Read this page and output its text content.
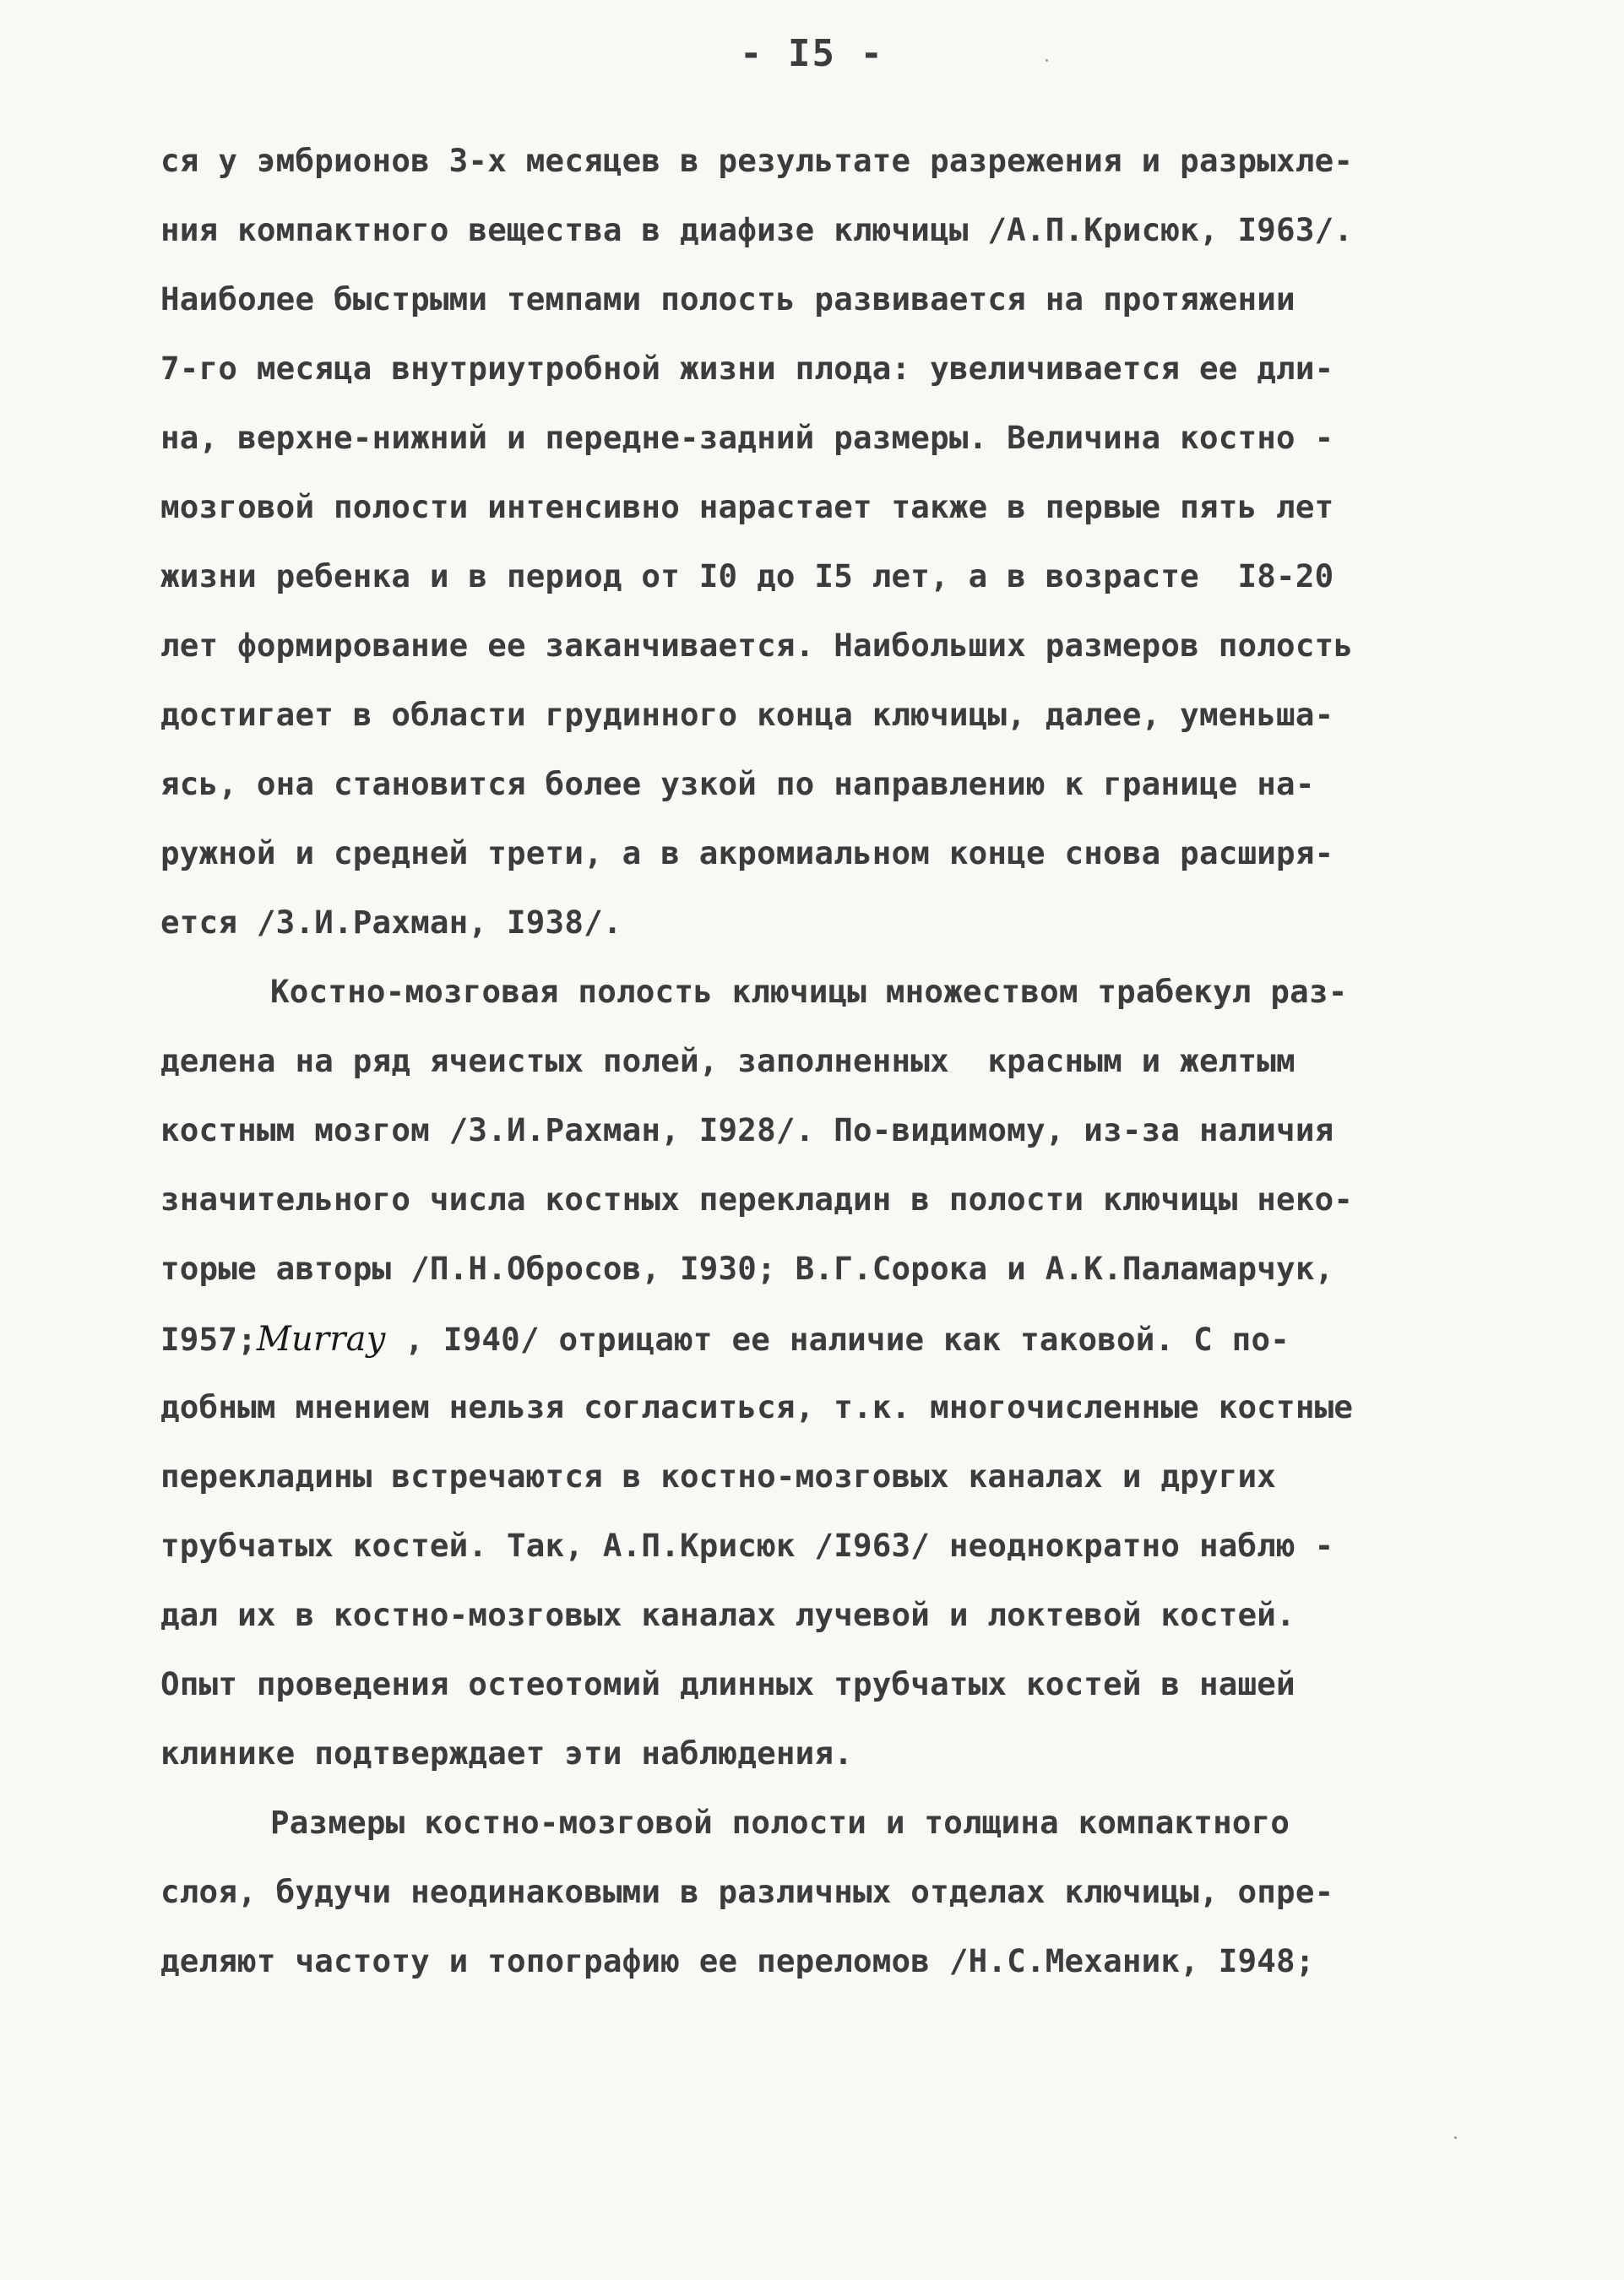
- I5 -
ся у эмбрионов 3-х месяцев в результате разрежения и разрыхле-
ния компактного вещества в диафизе ключицы /А.П.Крисюк, I963/.
Наиболее быстрыми темпами полость развивается на протяжении
7-го месяца внутриутробной жизни плода: увеличивается ее дли-
на, верхне-нижний и передне-задний размеры. Величина костно -
мозговой полости интенсивно нарастает также в первые пять лет
жизни ребенка и в период от I0 до I5 лет, а в возрасте  I8-20
лет формирование ее заканчивается. Наибольших размеров полость
достигает в области грудинного конца ключицы, далее, уменьша-
ясь, она становится более узкой по направлению к границе на-
ружной и средней трети, а в акромиальном конце снова расширя-
ется /З.И.Рахман, I938/.
Костно-мозговая полость ключицы множеством трабекул раз-
делена на ряд ячеистых полей, заполненных  красным и желтым
костным мозгом /З.И.Рахман, I928/. По-видимому, из-за наличия
значительного числа костных перекладин в полости ключицы неко-
торые авторы /П.Н.Обросов, I930; В.Г.Сорока и А.К.Паламарчук,
I957;Murray , I940/ отрицают ее наличие как таковой. С по-
добным мнением нельзя согласиться, т.к. многочисленные костные
перекладины встречаются в костно-мозговых каналах и других
трубчатых костей. Так, А.П.Крисюк /I963/ неоднократно наблю -
дал их в костно-мозговых каналах лучевой и локтевой костей.
Опыт проведения остеотомий длинных трубчатых костей в нашей
клинике подтверждает эти наблюдения.
Размеры костно-мозговой полости и толщина компактного
слоя, будучи неодинаковыми в различных отделах ключицы, опре-
деляют частоту и топографию ее переломов /Н.С.Механик, I948;
